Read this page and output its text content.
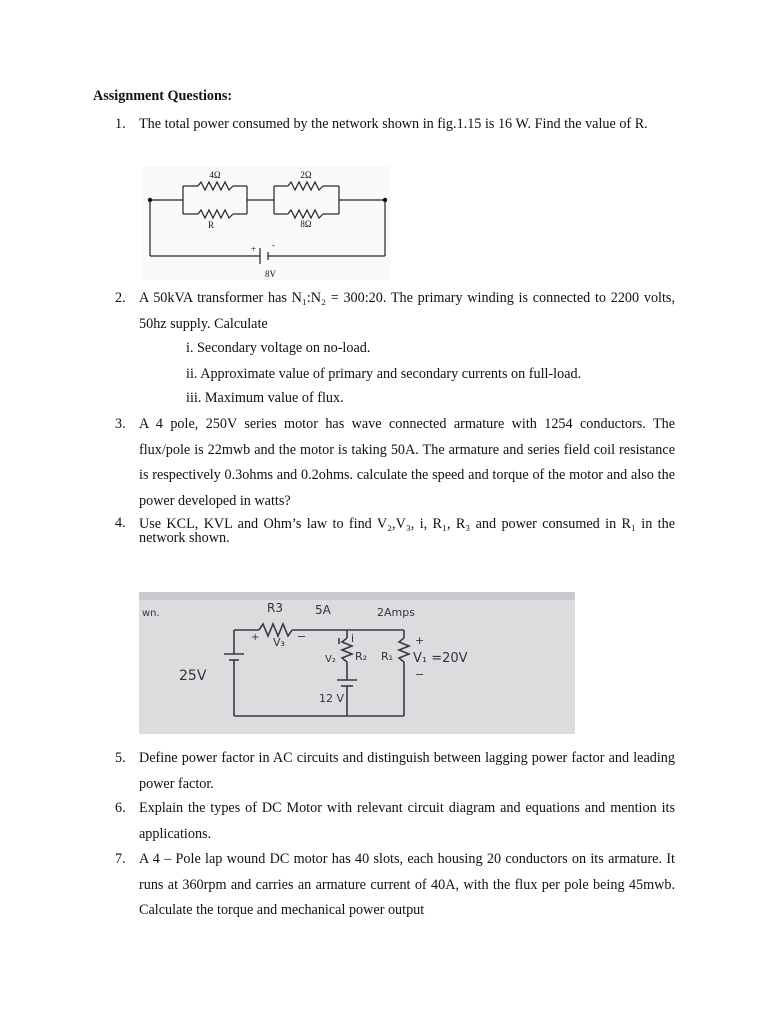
Assignment Questions:
1. The total power consumed by the network shown in fig.1.15 is 16 W. Find the value of R.
4Ω
R
2Ω
8Ω
+ -
8V
2. A 50kVA transformer has N₁:N₂ = 300:20. The primary winding is connected to 2200 volts, 50hz supply. Calculate
i. Secondary voltage on no-load.
ii. Approximate value of primary and secondary currents on full-load.
iii. Maximum value of flux.
3. A 4 pole, 250V series motor has wave connected armature with 1254 conductors. The flux/pole is 22mwb and the motor is taking 50A. The armature and series field coil resistance is respectively 0.3ohms and 0.2ohms. calculate the speed and torque of the motor and also the power developed in watts?
4. Use KCL, KVL and Ohm’s law to find V₂,V₃, i, R₁, R₃ and power consumed in R₁ in the network shown.
wn.	R3	5A	2Amps
+ V₃ −	i
V₂ R₂ R₁
+
V₁ =20V
−
25V
12 V
5. Define power factor in AC circuits and distinguish between lagging power factor and leading power factor.
6. Explain the types of DC Motor with relevant circuit diagram and equations and mention its applications.
7. A 4 – Pole lap wound DC motor has 40 slots, each housing 20 conductors on its armature. It runs at 360rpm and carries an armature current of 40A, with the flux per pole being 45mwb. Calculate the torque and mechanical power output
